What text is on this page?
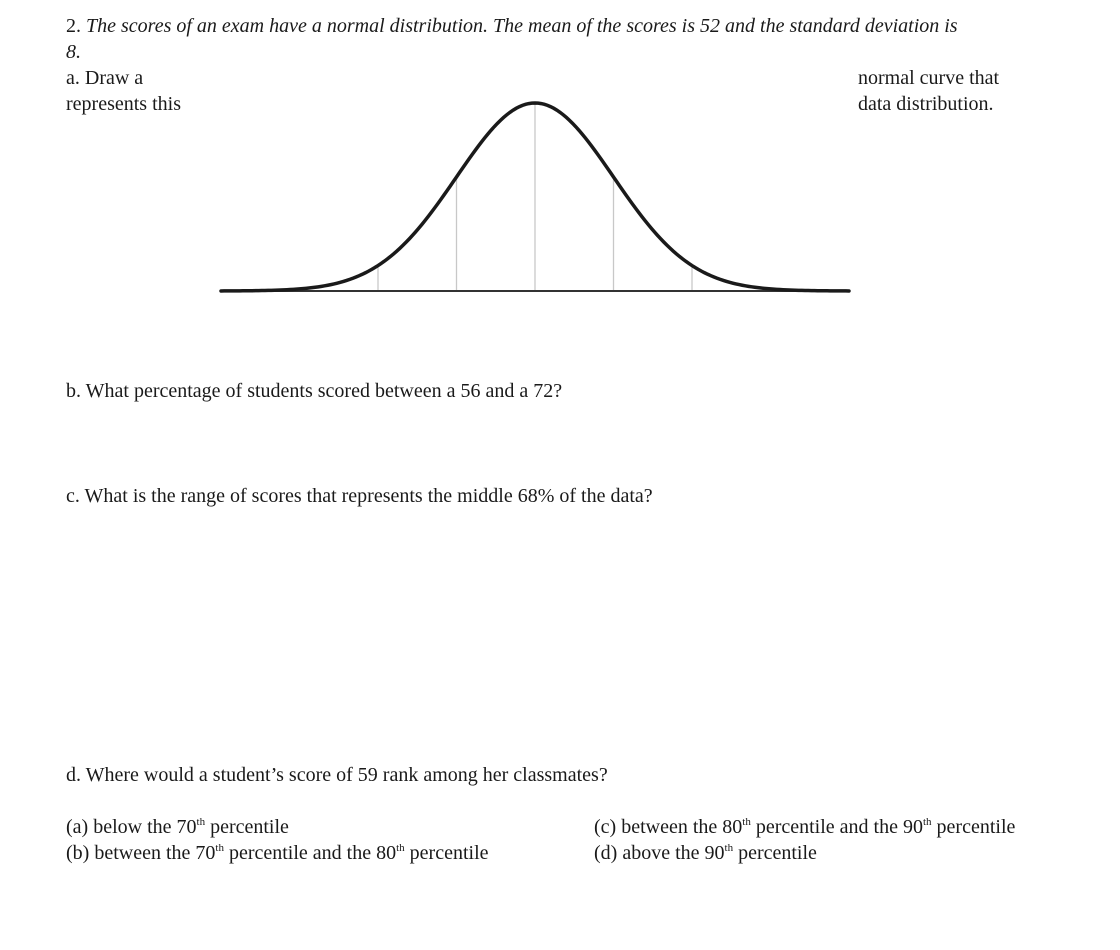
2. The scores of an exam have a normal distribution. The mean of the scores is 52 and the standard deviation is
8.
a. Draw a
represents this
normal curve that
data distribution.
b. What percentage of students scored between a 56 and a 72?
c. What is the range of scores that represents the middle 68% of the data?
d. Where would a student’s score of 59 rank among her classmates?
(a) below the 70th percentile
(b) between the 70th percentile and the 80th percentile
(c) between the 80th percentile and the 90th percentile
(d) above the 90th percentile
